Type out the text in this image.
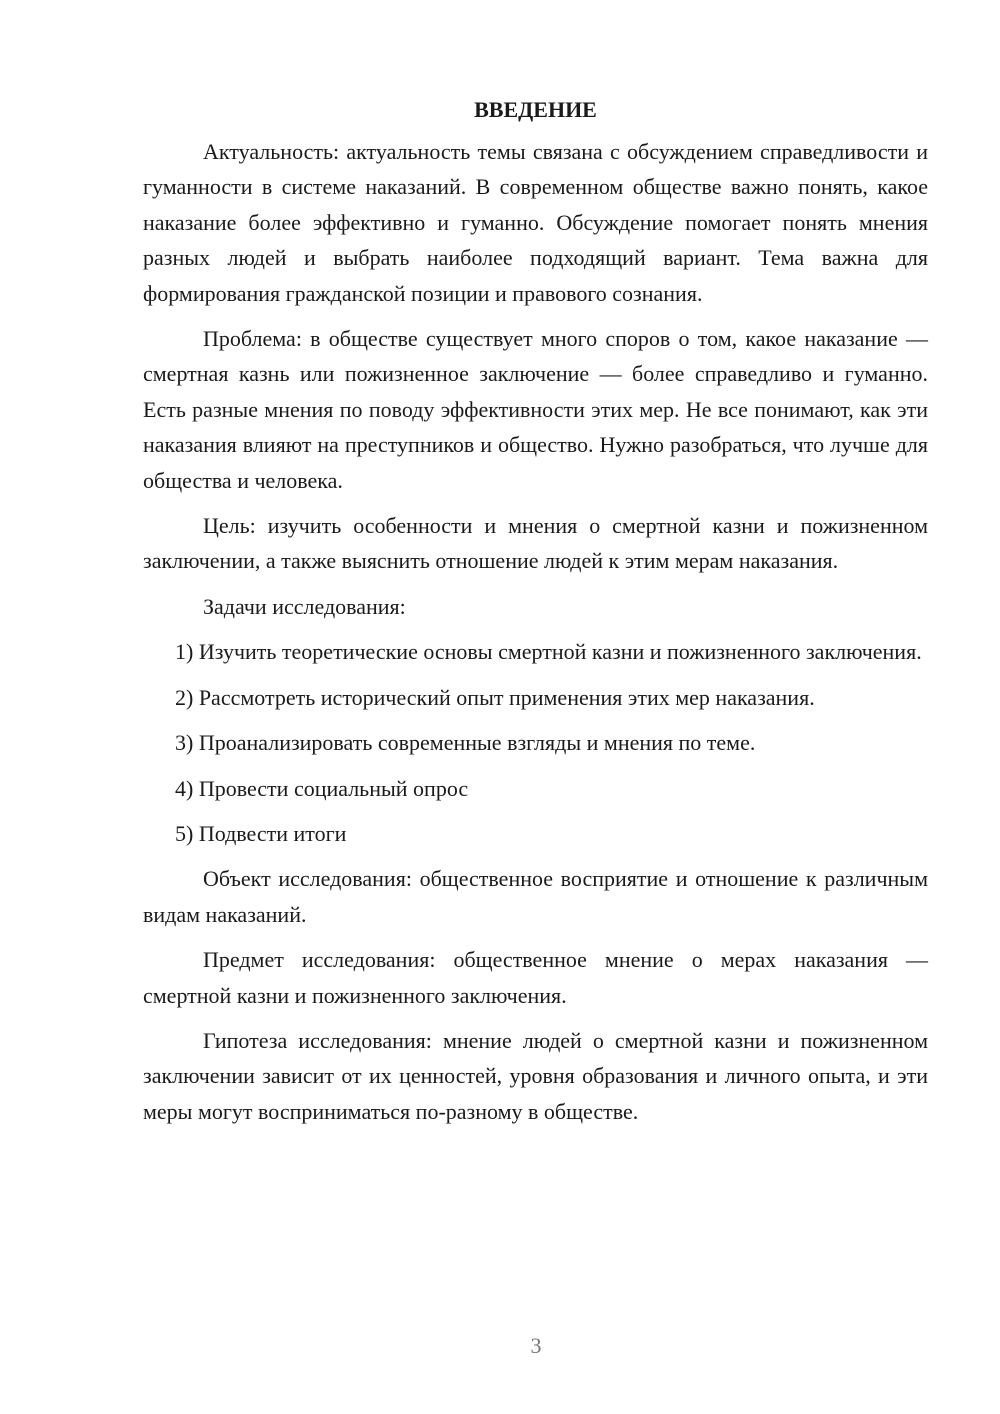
ВВЕДЕНИЕ

Актуальность: актуальность темы связана с обсуждением справедливости и гуманности в системе наказаний. В современном обществе важно понять, какое наказание более эффективно и гуманно. Обсуждение помогает понять мнения разных людей и выбрать наиболее подходящий вариант. Тема важна для формирования гражданской позиции и правового сознания.

Проблема: в обществе существует много споров о том, какое наказание — смертная казнь или пожизненное заключение — более справедливо и гуманно. Есть разные мнения по поводу эффективности этих мер. Не все понимают, как эти наказания влияют на преступников и общество. Нужно разобраться, что лучше для общества и человека.

Цель: изучить особенности и мнения о смертной казни и пожизненном заключении, а также выяснить отношение людей к этим мерам наказания.

Задачи исследования:

1) Изучить теоретические основы смертной казни и пожизненного заключения.

2) Рассмотреть исторический опыт применения этих мер наказания.

3) Проанализировать современные взгляды и мнения по теме.

4) Провести социальный опрос

5) Подвести итоги

Объект исследования: общественное восприятие и отношение к различным видам наказаний.

Предмет исследования: общественное мнение о мерах наказания — смертной казни и пожизненного заключения.

Гипотеза исследования: мнение людей о смертной казни и пожизненном заключении зависит от их ценностей, уровня образования и личного опыта, и эти меры могут восприниматься по-разному в обществе.

3
